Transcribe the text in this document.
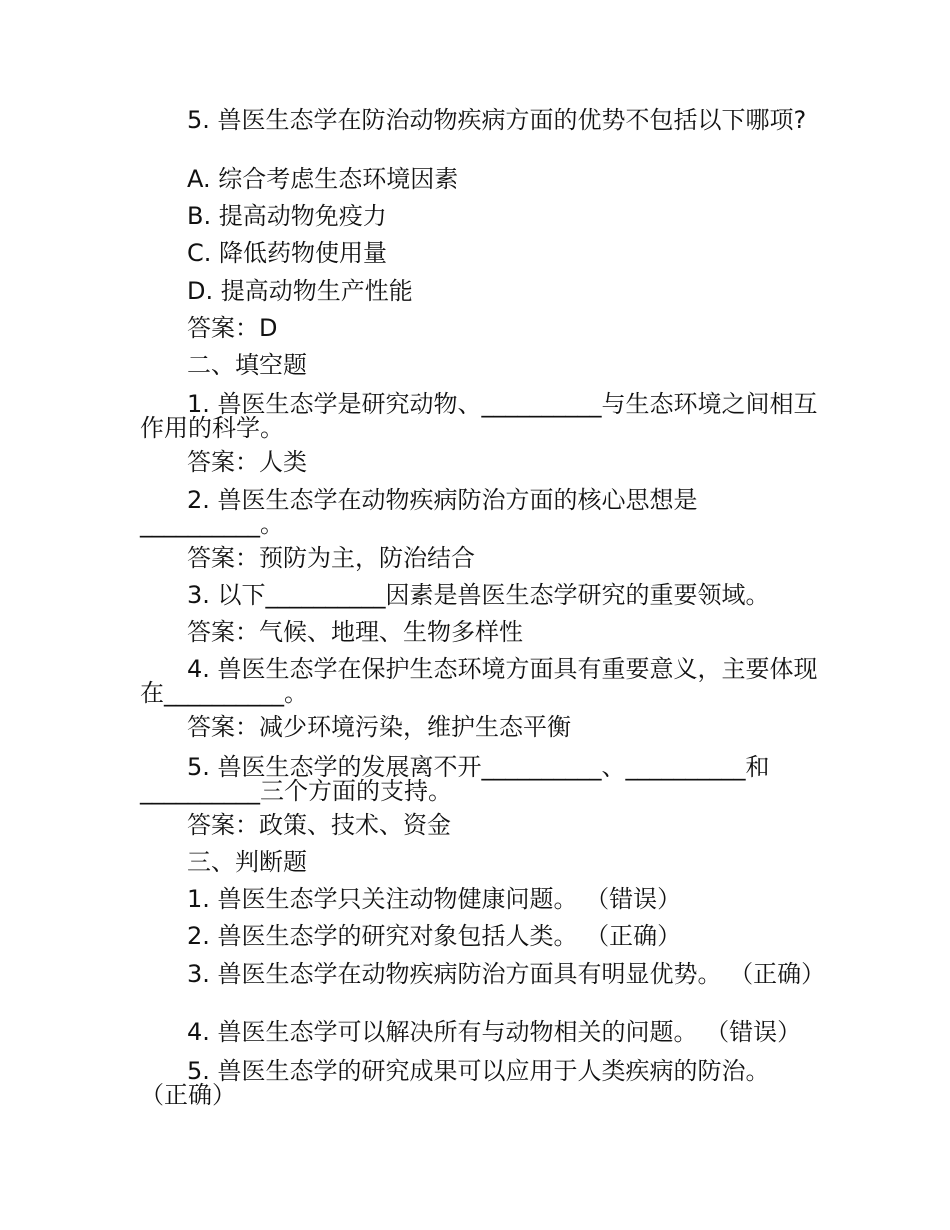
5. 兽医生态学在防治动物疾病方面的优势不包括以下哪项?

A. 综合考虑生态环境因素

B. 提高动物免疫力

C. 降低药物使用量

D. 提高动物生产性能

答案：D

二、填空题

1. 兽医生态学是研究动物、__________与生态环境之间相互作用的科学。

答案：人类

2. 兽医生态学在动物疾病防治方面的核心思想是__________。

答案：预防为主，防治结合

3. 以下__________因素是兽医生态学研究的重要领域。

答案：气候、地理、生物多样性

4. 兽医生态学在保护生态环境方面具有重要意义，主要体现在__________。

答案：减少环境污染，维护生态平衡

5. 兽医生态学的发展离不开__________、__________和__________三个方面的支持。

答案：政策、技术、资金

三、判断题

1. 兽医生态学只关注动物健康问题。 （错误）

2. 兽医生态学的研究对象包括人类。 （正确）

3. 兽医生态学在动物疾病防治方面具有明显优势。 （正确）

4. 兽医生态学可以解决所有与动物相关的问题。 （错误）

5. 兽医生态学的研究成果可以应用于人类疾病的防治。 （正确）
